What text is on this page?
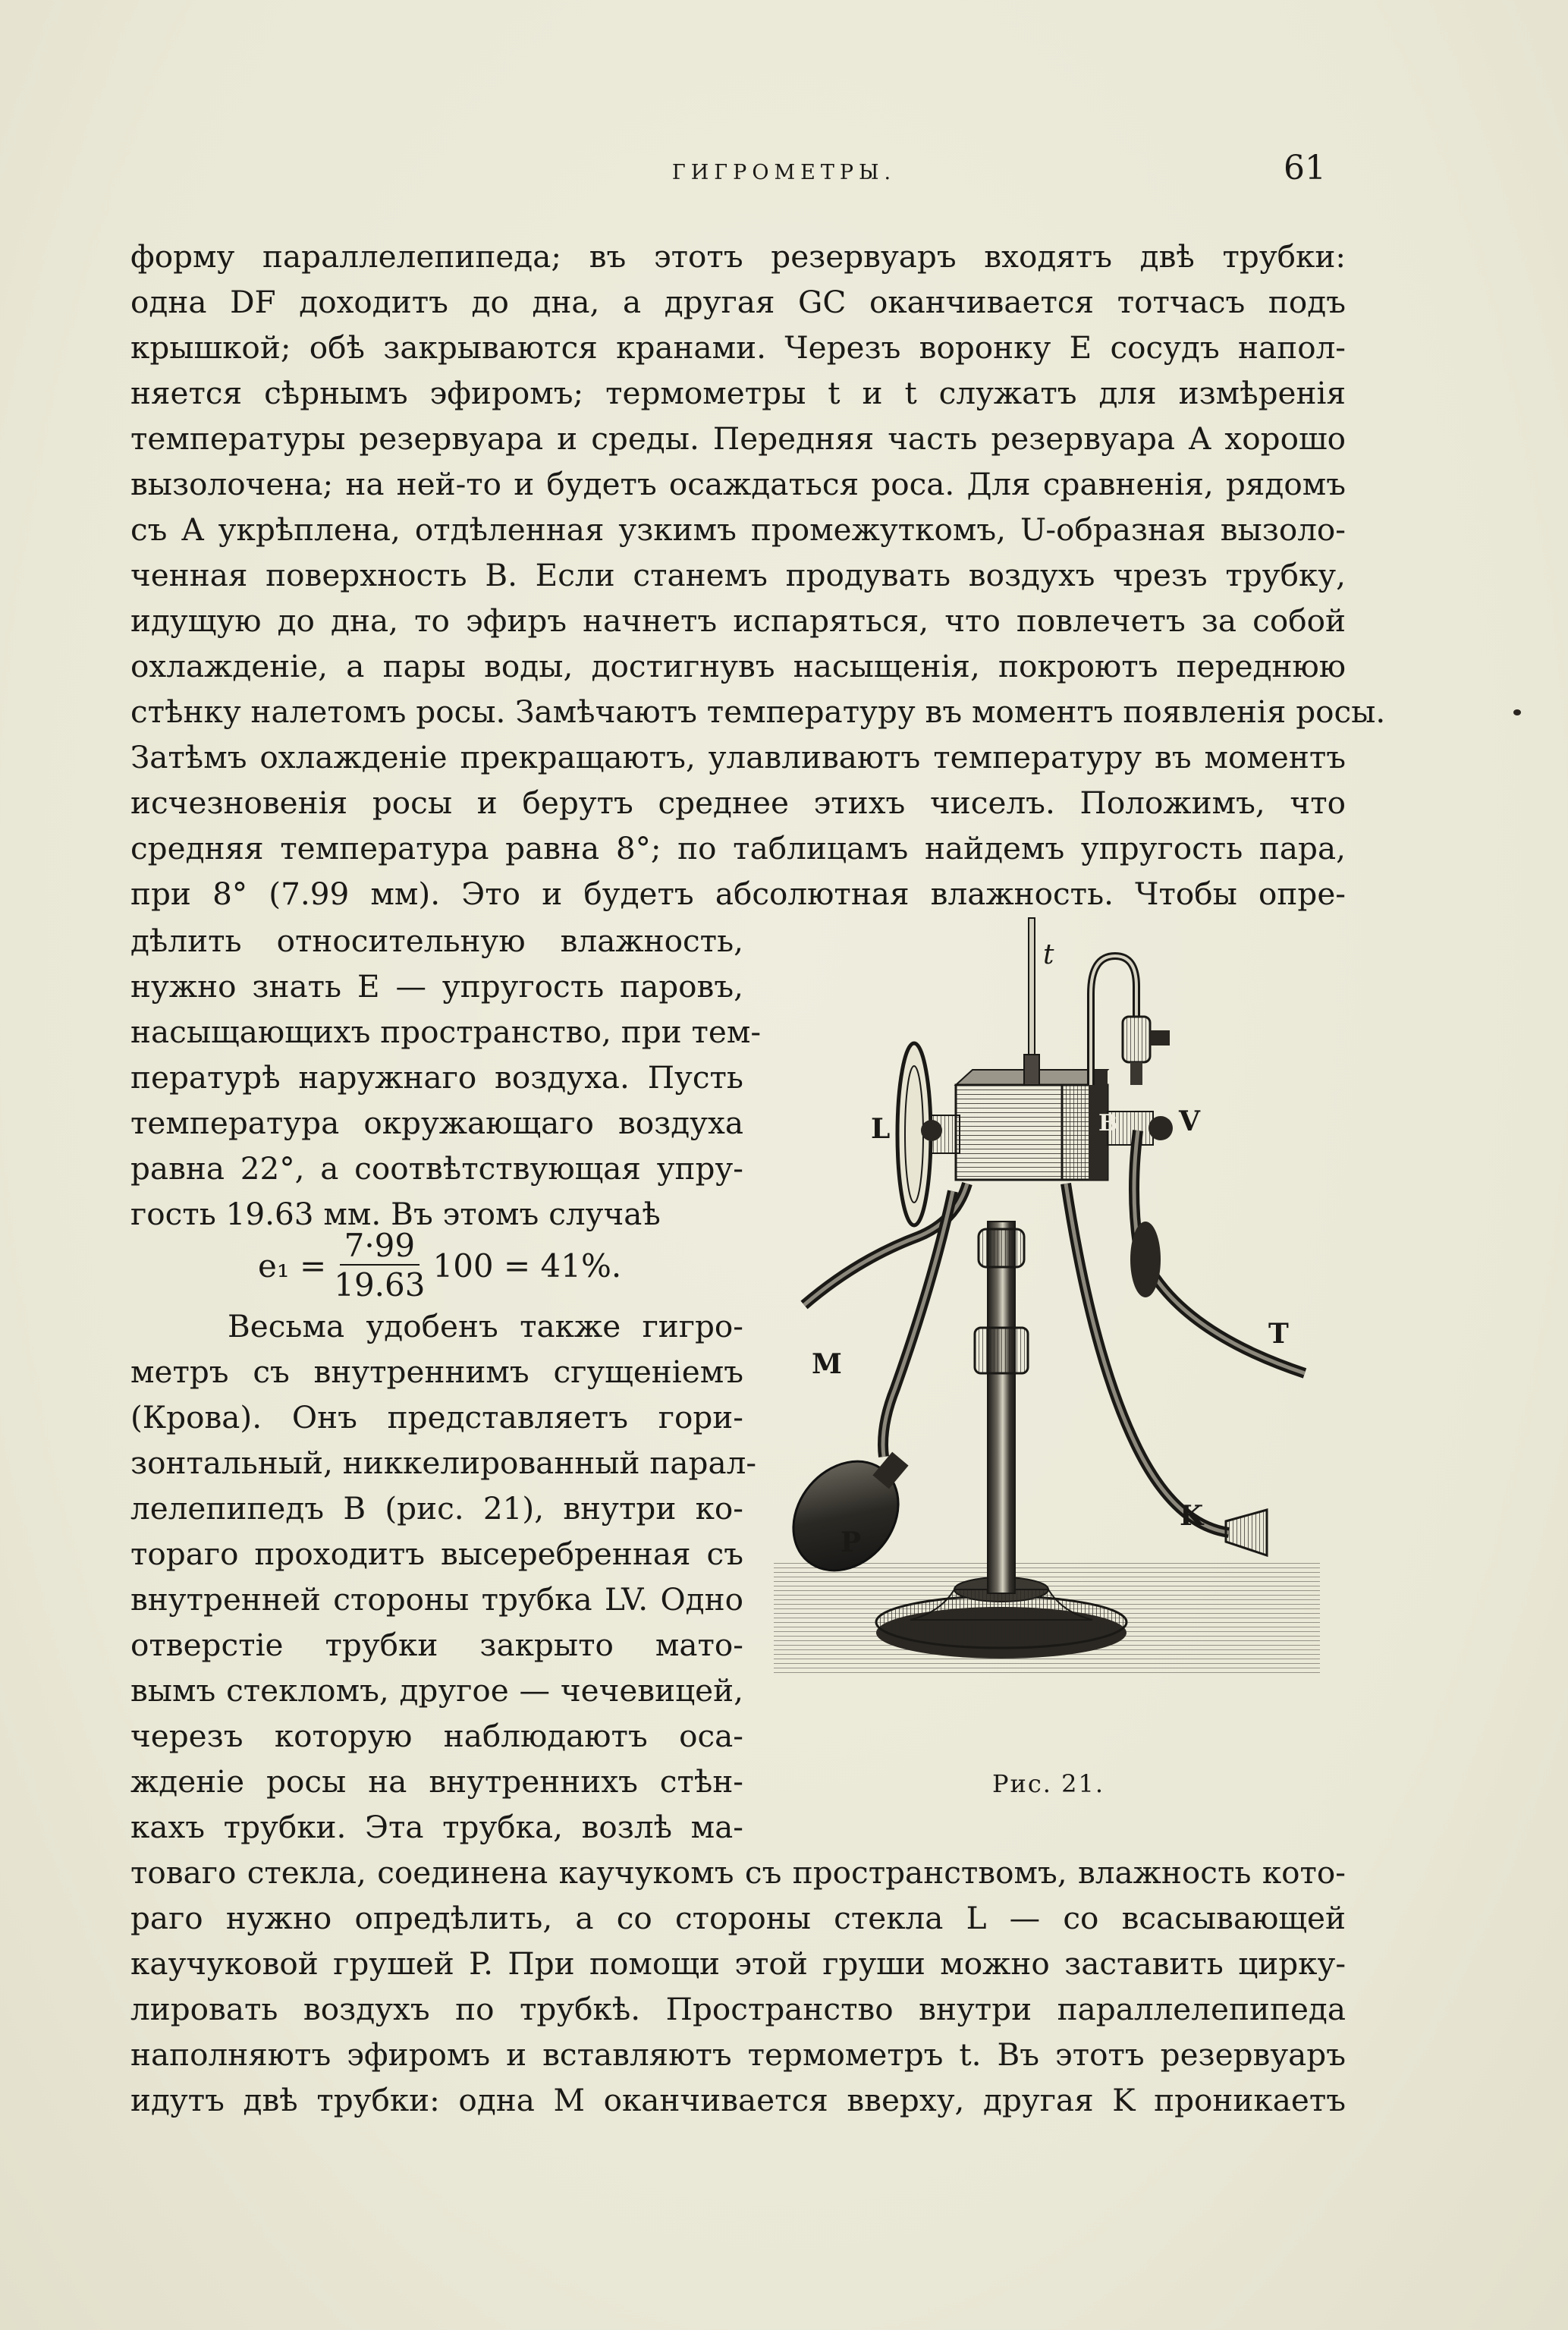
ГИГРОМЕТРЫ.	61
форму параллелепипеда; въ этотъ резервуаръ входятъ двѣ трубки:
одна DF доходитъ до дна, а другая GC оканчивается тотчасъ подъ
крышкой; обѣ закрываются кранами. Черезъ воронку E сосудъ напол-
няется сѣрнымъ эфиромъ; термометры t и t служатъ для измѣренія
температуры резервуара и среды. Передняя часть резервуара A хорошо
вызолочена; на ней-то и будетъ осаждаться роса. Для сравненія, рядомъ
съ A укрѣплена, отдѣленная узкимъ промежуткомъ, U-образная вызоло-
ченная поверхность B. Если станемъ продувать воздухъ чрезъ трубку,
идущую до дна, то эфиръ начнетъ испаряться, что повлечетъ за собой
охлажденіе, а пары воды, достигнувъ насыщенія, покроютъ переднюю
стѣнку налетомъ росы. Замѣчаютъ температуру въ моментъ появленія росы.
Затѣмъ охлажденіе прекращаютъ, улавливаютъ температуру въ моментъ
исчезновенія росы и берутъ среднее этихъ чиселъ. Положимъ, что
средняя температура равна 8°; по таблицамъ найдемъ упругость пара,
при 8° (7.99 мм). Это и будетъ абсолютная влажность. Чтобы опре-
дѣлить относительную влажность,
нужно знать E — упругость паровъ,
насыщающихъ пространство, при тем-
пературѣ наружнаго воздуха. Пусть
температура окружающаго воздуха
равна 22°, а соотвѣтствующая упру-
гость 19.63 мм. Въ этомъ случаѣ
$e_1 = \frac{7\cdot 99}{19.63} 100 = 41\%$.
Весьма удобенъ также гигро-
метръ съ внутреннимъ сгущеніемъ
(Крова). Онъ представляетъ гори-
зонтальный, никкелированный парал-
лелепипедъ B (рис. 21), внутри ко-
тораго проходитъ высеребренная съ
внутренней стороны трубка LV. Одно
отверстіе трубки закрыто мато-
вымъ стекломъ, другое — чечевицей,
черезъ которую наблюдаютъ оса-
жденіе росы на внутреннихъ стѣн-
кахъ трубки. Эта трубка, возлѣ ма-
товаго стекла, соединена каучукомъ съ пространствомъ, влажность кото-
раго нужно опредѣлить, а со стороны стекла L — со всасывающей
каучуковой грушей P. При помощи этой груши можно заставить цирку-
лировать воздухъ по трубкѣ. Пространство внутри параллелепипеда
наполняютъ эфиромъ и вставляютъ термометръ t. Въ этотъ резервуаръ
идутъ двѣ трубки: одна M оканчивается вверху, другая K проникаетъ
t
L	B V
M
T
K
P
Рис. 21.
